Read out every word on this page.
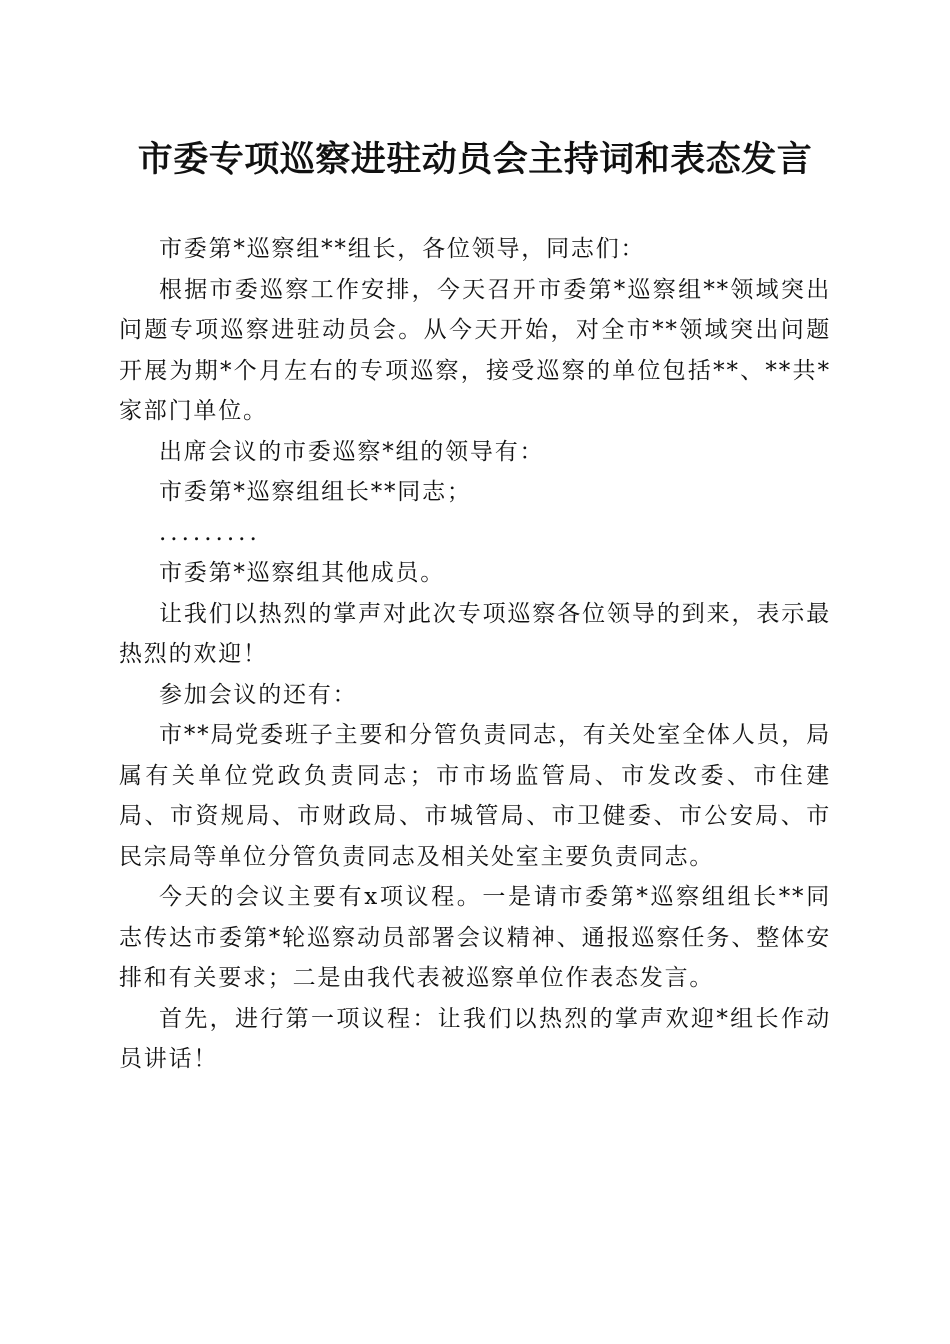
市委专项巡察进驻动员会主持词和表态发言

市委第*巡察组**组长，各位领导，同志们：

根据市委巡察工作安排，今天召开市委第*巡察组**领域突出问题专项巡察进驻动员会。从今天开始，对全市**领域突出问题开展为期*个月左右的专项巡察，接受巡察的单位包括**、**共*家部门单位。

出席会议的市委巡察*组的领导有：

市委第*巡察组组长**同志；

.........

市委第*巡察组其他成员。

让我们以热烈的掌声对此次专项巡察各位领导的到来，表示最热烈的欢迎！

参加会议的还有：

市**局党委班子主要和分管负责同志，有关处室全体人员，局属有关单位党政负责同志；市市场监管局、市发改委、市住建局、市资规局、市财政局、市城管局、市卫健委、市公安局、市民宗局等单位分管负责同志及相关处室主要负责同志。

今天的会议主要有x项议程。一是请市委第*巡察组组长**同志传达市委第*轮巡察动员部署会议精神、通报巡察任务、整体安排和有关要求；二是由我代表被巡察单位作表态发言。

首先，进行第一项议程：让我们以热烈的掌声欢迎*组长作动员讲话！
